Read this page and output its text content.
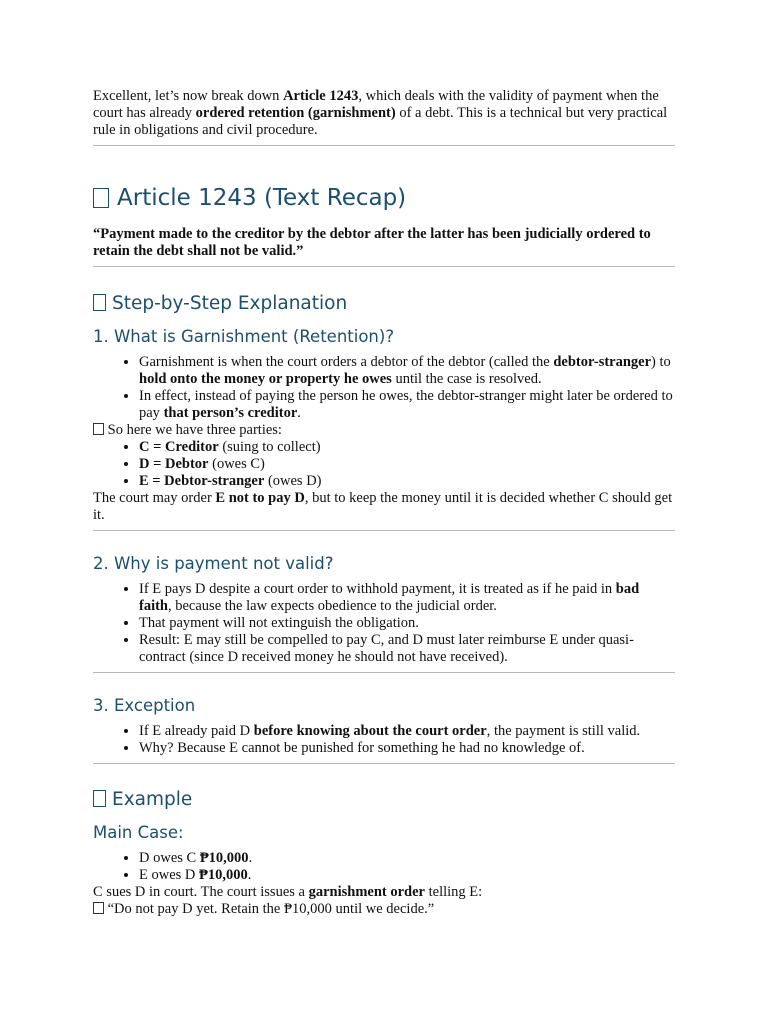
Excellent, let’s now break down Article 1243, which deals with the validity of payment when the court has already ordered retention (garnishment) of a debt. This is a technical but very practical rule in obligations and civil procedure.

Article 1243 (Text Recap)

“Payment made to the creditor by the debtor after the latter has been judicially ordered to retain the debt shall not be valid.”

Step-by-Step Explanation
1. What is Garnishment (Retention)?
• Garnishment is when the court orders a debtor of the debtor (called the debtor-stranger) to hold onto the money or property he owes until the case is resolved.
• In effect, instead of paying the person he owes, the debtor-stranger might later be ordered to pay that person’s creditor.

So here we have three parties:

• C = Creditor (suing to collect)
• D = Debtor (owes C)
• E = Debtor-stranger (owes D)

The court may order E not to pay D, but to keep the money until it is decided whether C should get it.

2. Why is payment not valid?
• If E pays D despite a court order to withhold payment, it is treated as if he paid in bad faith, because the law expects obedience to the judicial order.
• That payment will not extinguish the obligation.
• Result: E may still be compelled to pay C, and D must later reimburse E under quasi-contract (since D received money he should not have received).
3. Exception
• If E already paid D before knowing about the court order, the payment is still valid.
• Why? Because E cannot be punished for something he had no knowledge of.
Example
Main Case:
• D owes C ₱10,000.
• E owes D ₱10,000.

C sues D in court. The court issues a garnishment order telling E:

“Do not pay D yet. Retain the ₱10,000 until we decide.”
